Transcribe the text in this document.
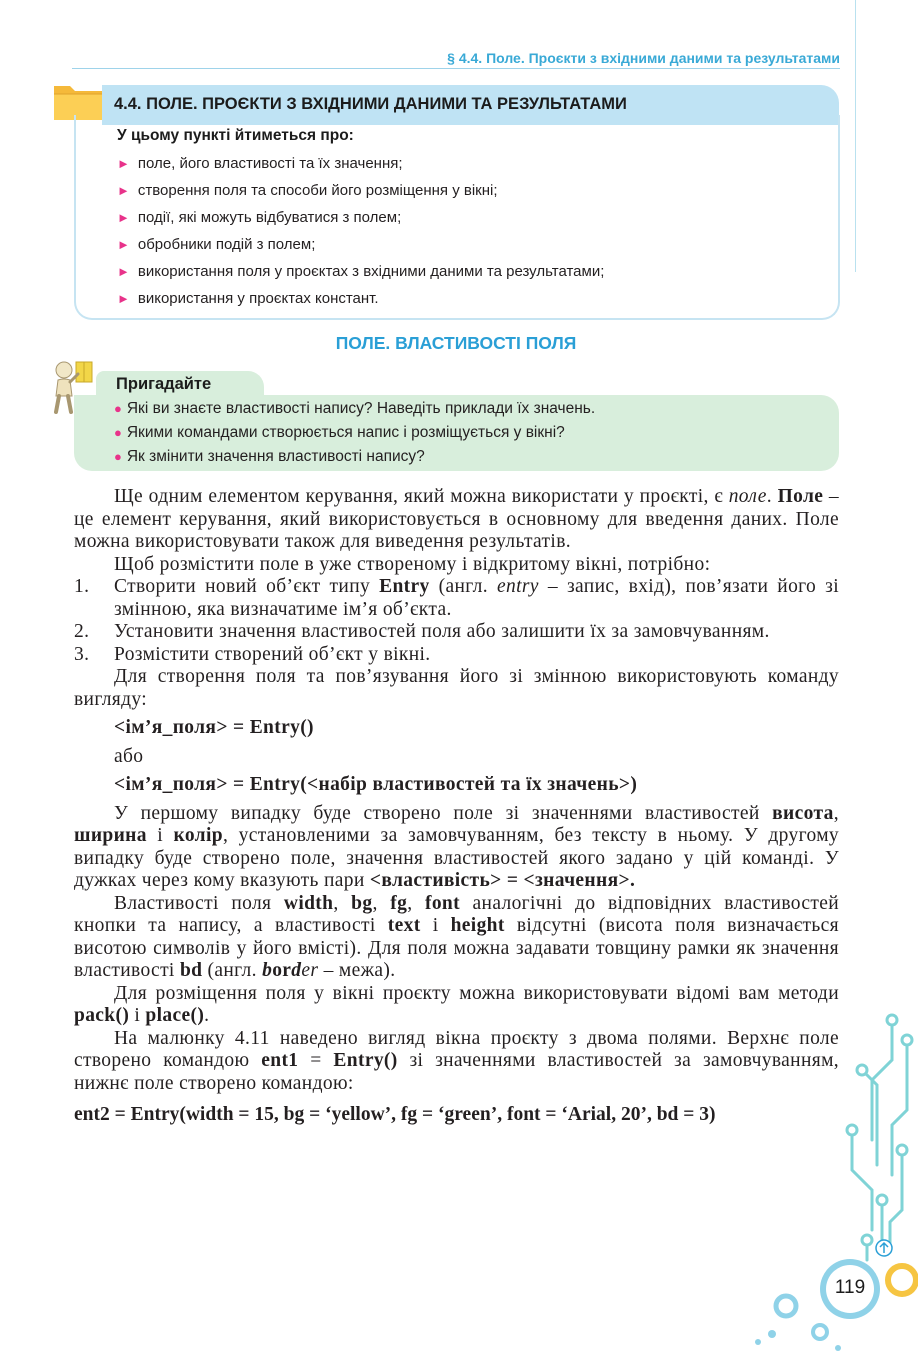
§ 4.4. Поле. Проєкти з вхідними даними та результатами
4.4. ПОЛЕ. ПРОЄКТИ З ВХІДНИМИ ДАНИМИ ТА РЕЗУЛЬТАТАМИ
У цьому пункті йтиметься про:
► поле, його властивості та їх значення;
► створення поля та способи його розміщення у вікні;
► події, які можуть відбуватися з полем;
► обробники подій з полем;
► використання поля у проєктах з вхідними даними та результатами;
► використання у проєктах констант.
ПОЛЕ. ВЛАСТИВОСТІ ПОЛЯ
Пригадайте
● Які ви знаєте властивості напису? Наведіть приклади їх значень.
● Якими командами створюється напис і розміщується у вікні?
● Як змінити значення властивості напису?

Ще одним елементом керування, який можна використати у проєкті, є поле. Поле – це елемент керування, який використовується в основному для введення даних. Поле можна використовувати також для виведення результатів.

Щоб розмістити поле в уже створеному і відкритому вікні, потрібно:

1. Створити новий об’єкт типу Entry (англ. entry – запис, вхід), пов’язати його зі змінною, яка визначатиме ім’я об’єкта.

2. Установити значення властивостей поля або залишити їх за замовчуванням.

3. Розмістити створений об’єкт у вікні.

Для створення поля та пов’язування його зі змінною використовують команду вигляду:

<ім’я_поля> = Entry()
або
<ім’я_поля> = Entry(<набір властивостей та їх значень>)

У першому випадку буде створено поле зі значеннями властивостей висота, ширина і колір, установленими за замовчуванням, без тексту в ньому. У другому випадку буде створено поле, значення властивостей якого задано у цій команді. У дужках через кому вказують пари <властивість> = <значення>.

Властивості поля width, bg, fg, font аналогічні до відповідних властивостей кнопки та напису, а властивості text і height відсутні (висота поля визначається висотою символів у його вмісті). Для поля можна задавати товщину рамки як значення властивості bd (англ. border – межа).

Для розміщення поля у вікні проєкту можна використовувати відомі вам методи pack() і place().

На малюнку 4.11 наведено вигляд вікна проєкту з двома полями. Верхнє поле створено командою ent1 = Entry() зі значеннями властивостей за замовчуванням, нижнє поле створено командою:

ent2 = Entry(width = 15, bg = ‘yellow’, fg = ‘green’, font = ‘Arial, 20’, bd = 3)
119
